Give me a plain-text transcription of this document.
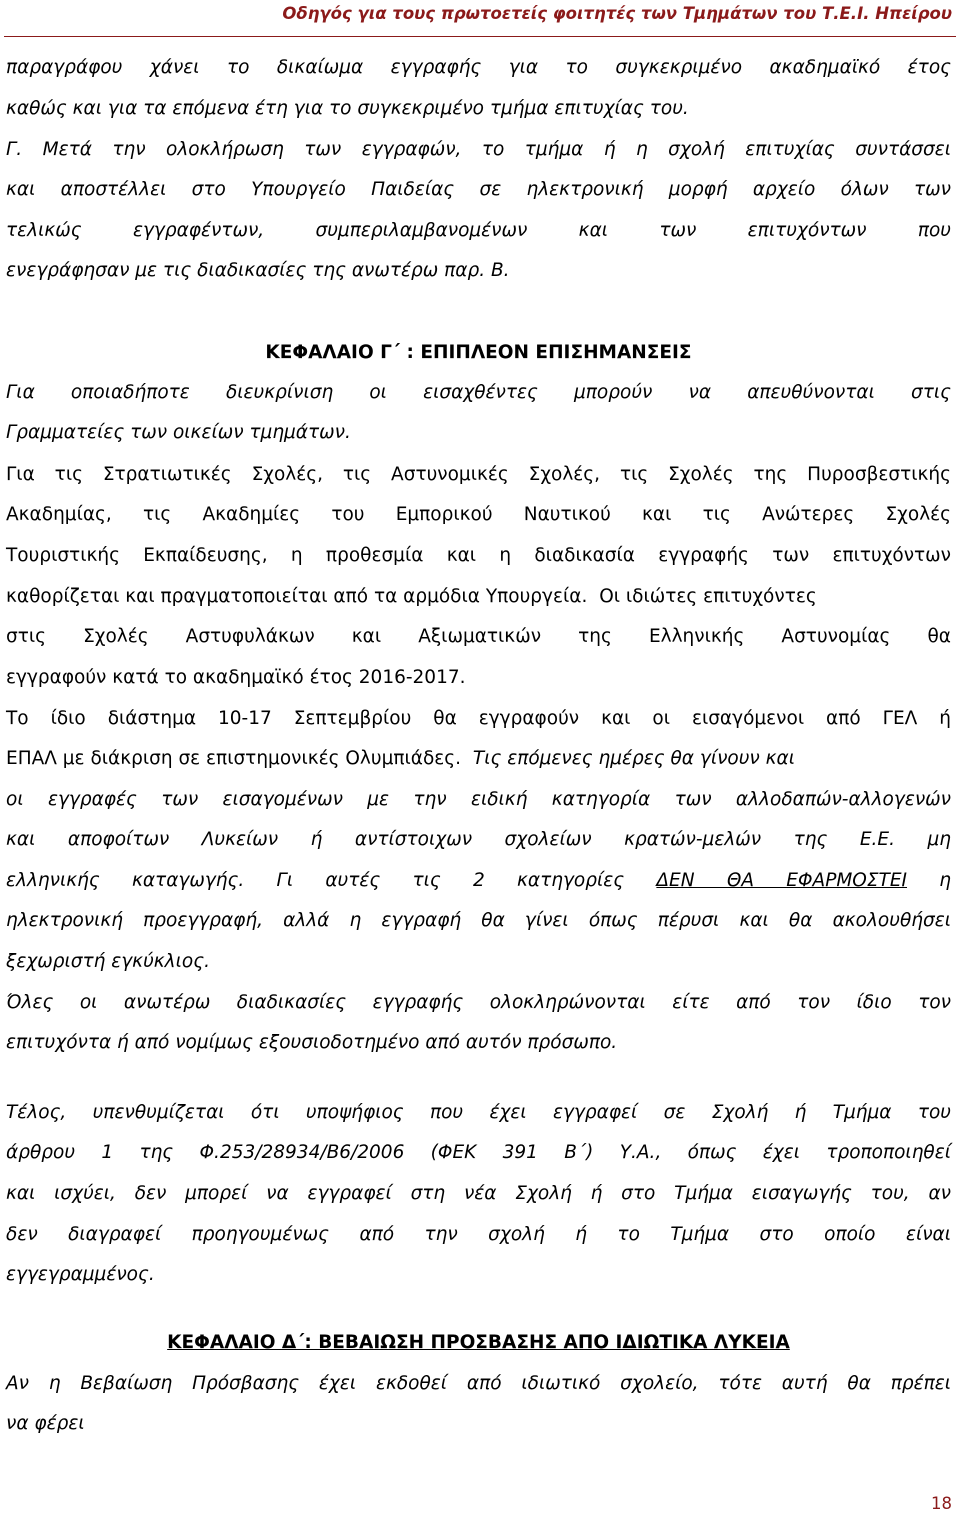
Οδηγός για τους πρωτοετείς φοιτητές των Τμημάτων του Τ.Ε.Ι. Ηπείρου
παραγράφου χάνει το δικαίωμα εγγραφής για το συγκεκριμένο ακαδημαϊκό έτος
καθώς και για τα επόμενα έτη για το συγκεκριμένο τμήμα επιτυχίας του.
Γ. Μετά την ολοκλήρωση των εγγραφών, το τμήμα ή η σχολή επιτυχίας συντάσσει
και αποστέλλει στο Υπουργείο Παιδείας σε ηλεκτρονική μορφή αρχείο όλων των
τελικώς εγγραφέντων, συμπεριλαμβανομένων και των επιτυχόντων που
ενεγράφησαν με τις διαδικασίες της ανωτέρω παρ. Β.
ΚΕΦΑΛΑΙΟ Γ΄ : ΕΠΙΠΛΕΟΝ ΕΠΙΣΗΜΑΝΣΕΙΣ
Για οποιαδήποτε διευκρίνιση οι εισαχθέντες μπορούν να απευθύνονται στις
Γραμματείες των οικείων τμημάτων.
Για τις Στρατιωτικές Σχολές, τις Αστυνομικές Σχολές, τις Σχολές της Πυροσβεστικής
Ακαδημίας, τις Ακαδημίες του Εμπορικού Ναυτικού και τις Ανώτερες Σχολές
Τουριστικής Εκπαίδευσης, η προθεσμία και η διαδικασία εγγραφής των επιτυχόντων
καθορίζεται και πραγματοποιείται από τα αρμόδια Υπουργεία. Οι ιδιώτες επιτυχόντες
στις Σχολές Αστυφυλάκων και Αξιωματικών της Ελληνικής Αστυνομίας θα
εγγραφούν κατά το ακαδημαϊκό έτος 2016-2017.
Το ίδιο διάστημα 10-17 Σεπτεμβρίου θα εγγραφούν και οι εισαγόμενοι από ΓΕΛ ή
ΕΠΑΛ με διάκριση σε επιστημονικές Ολυμπιάδες. Τις επόμενες ημέρες θα γίνουν και
οι εγγραφές των εισαγομένων με την ειδική κατηγορία των αλλοδαπών-αλλογενών
και αποφοίτων Λυκείων ή αντίστοιχων σχολείων κρατών-μελών της Ε.Ε. μη
ελληνικής καταγωγής. Γι αυτές τις 2 κατηγορίες ΔΕΝ ΘΑ ΕΦΑΡΜΟΣΤΕΙ η
ηλεκτρονική προεγγραφή, αλλά η εγγραφή θα γίνει όπως πέρυσι και θα ακολουθήσει
ξεχωριστή εγκύκλιος.
Όλες οι ανωτέρω διαδικασίες εγγραφής ολοκληρώνονται είτε από τον ίδιο τον
επιτυχόντα ή από νομίμως εξουσιοδοτημένο από αυτόν πρόσωπο.
Τέλος, υπενθυμίζεται ότι υποψήφιος που έχει εγγραφεί σε Σχολή ή Τμήμα του
άρθρου 1 της Φ.253/28934/Β6/2006 (ΦΕΚ 391 Β΄) Υ.Α., όπως έχει τροποποιηθεί
και ισχύει, δεν μπορεί να εγγραφεί στη νέα Σχολή ή στο Τμήμα εισαγωγής του, αν
δεν διαγραφεί προηγουμένως από την σχολή ή το Τμήμα στο οποίο είναι
εγγεγραμμένος.
ΚΕΦΑΛΑΙΟ Δ΄: ΒΕΒΑΙΩΣΗ ΠΡΟΣΒΑΣΗΣ ΑΠΟ ΙΔΙΩΤΙΚΑ ΛΥΚΕΙΑ
Αν η Βεβαίωση Πρόσβασης έχει εκδοθεί από ιδιωτικό σχολείο, τότε αυτή θα πρέπει
να φέρει
18
